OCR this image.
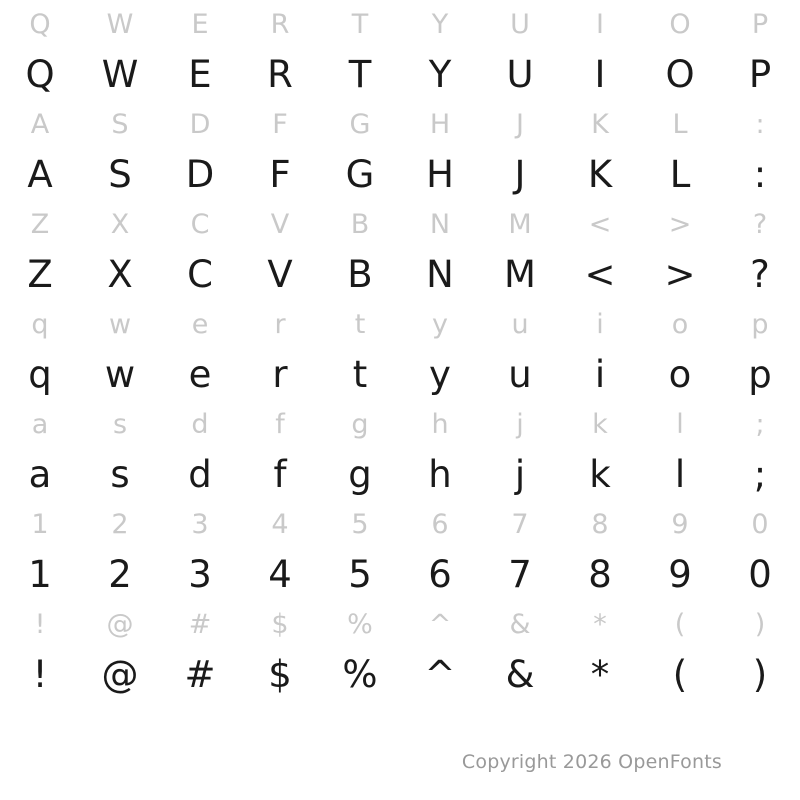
Q W E R T Y U I O P
Q W E R T Y U I O P
A S D F G H J K L	:
A S D F G H J K L :
Z X C V B N M < > ?
Z X C V B N M < > ?
q w e r	t y u	i	o p
q w e r t y u i o p
a s d f g h	j	k	l	;
a s d f g h j k l ;
1 2 3 4 5 6 7 8 9 0
1 2 3 4 5 6 7 8 9 0
! @ # $ % ^ & *	(	)
! @ # $ % ^ & * ( )
Copyright 2026 OpenFonts
